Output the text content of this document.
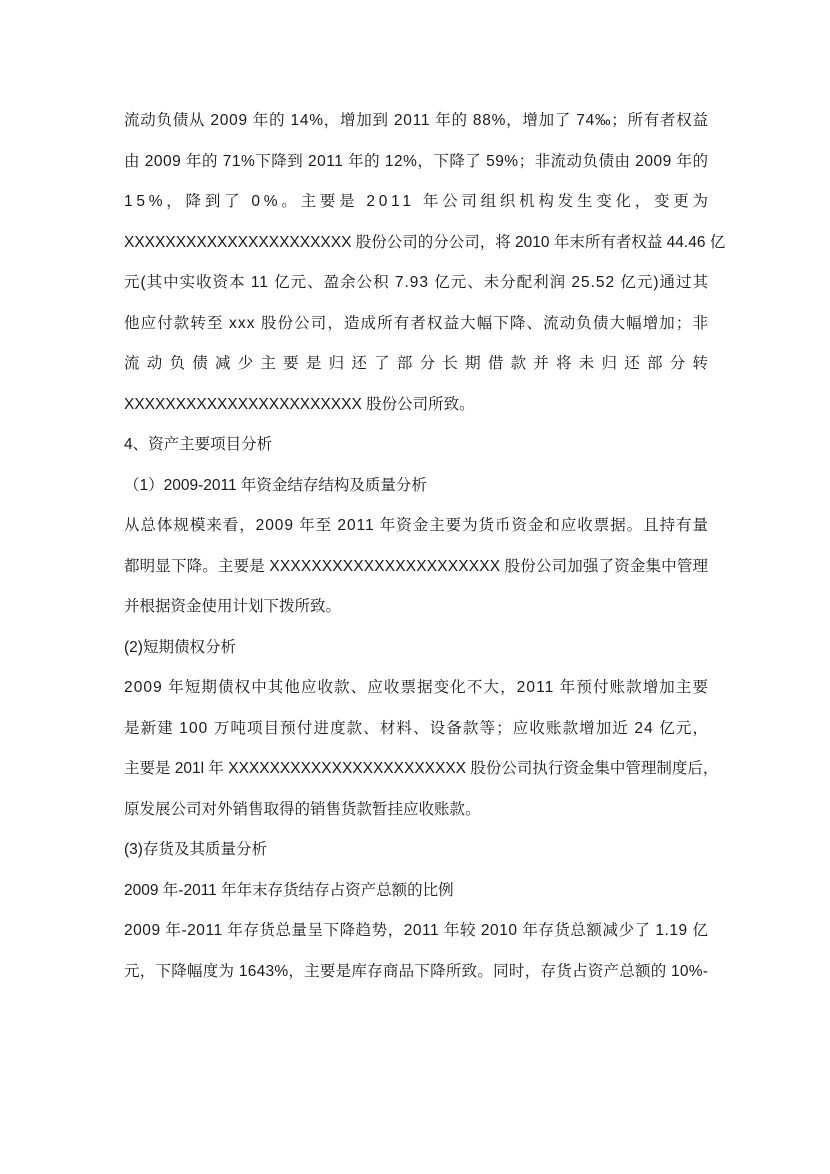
流动负债从 2009 年的 14%，增加到 2011 年的 88%，增加了 74‰；所有者权益
由 2009 年的 71%下降到 2011 年的 12%，下降了 59%；非流动负债由 2009 年的
15%，降到了 0%。主要是 2011 年公司组织机构发生变化，变更为
XXXXXXXXXXXXXXXXXXXXXX 股份公司的分公司，将 2010 年末所有者权益 44.46 亿
元(其中实收资本 11 亿元、盈余公积 7.93 亿元、未分配利润 25.52 亿元)通过其
他应付款转至 xxx 股份公司，造成所有者权益大幅下降、流动负债大幅增加；非
流 动 负 债 减 少 主 要 是 归 还 了 部 分 长 期 借 款 并 将 未 归 还 部 分 转
XXXXXXXXXXXXXXXXXXXXXXX 股份公司所致。
4、资产主要项目分析
（1）2009-2011 年资金结存结构及质量分析
从总体规模来看，2009 年至 2011 年资金主要为货币资金和应收票据。且持有量
都明显下降。主要是 XXXXXXXXXXXXXXXXXXXXXX 股份公司加强了资金集中管理
并根据资金使用计划下拨所致。
(2)短期债权分析
2009 年短期债权中其他应收款、应收票据变化不大，2011 年预付账款增加主要
是新建 100 万吨项目预付进度款、材料、设备款等；应收账款增加近 24 亿元，
主要是 201l 年 XXXXXXXXXXXXXXXXXXXXXXX 股份公司执行资金集中管理制度后，
原发展公司对外销售取得的销售货款暂挂应收账款。
(3)存货及其质量分析
2009 年-2011 年年末存货结存占资产总额的比例
2009 年-2011 年存货总量呈下降趋势，2011 年较 2010 年存货总额减少了 1.19 亿
元，下降幅度为 1643%，主要是库存商品下降所致。同时，存货占资产总额的 10%-
